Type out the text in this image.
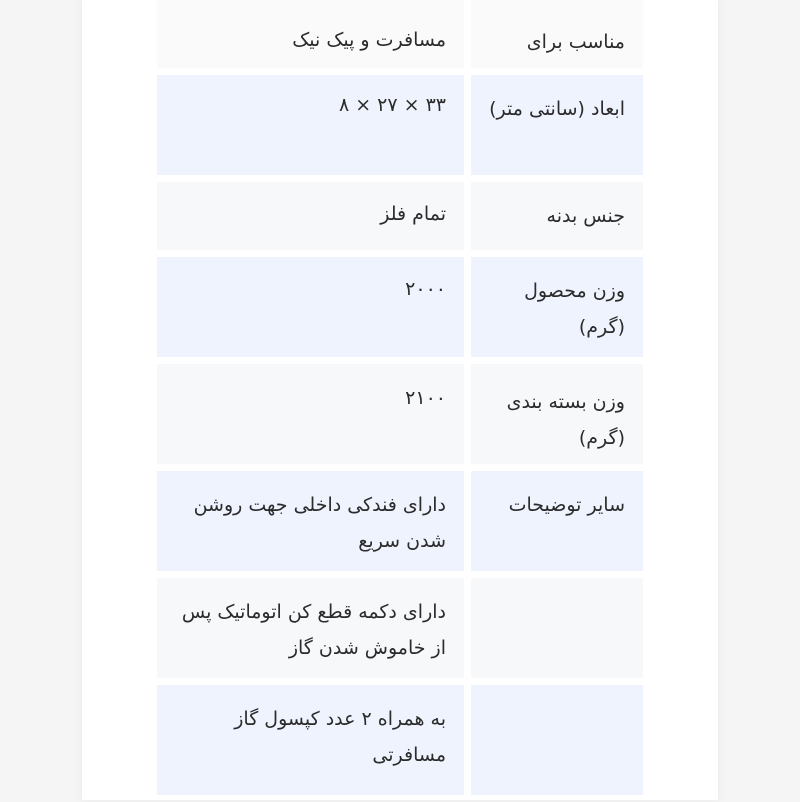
مناسب برای
مسافرت و پیک نیک
ابعاد (سانتی متر)
۳۳ × ۲۷ × ۸
جنس بدنه
تمام فلز
وزن محصول (گرم)
۲۰۰۰
وزن بسته بندی (گرم)
۲۱۰۰
سایر توضیحات
دارای فندکی داخلی جهت روشن شدن سریع
دارای دکمه قطع کن اتوماتیک پس از خاموش شدن گاز
به همراه ۲ عدد کپسول گاز مسافرتی
